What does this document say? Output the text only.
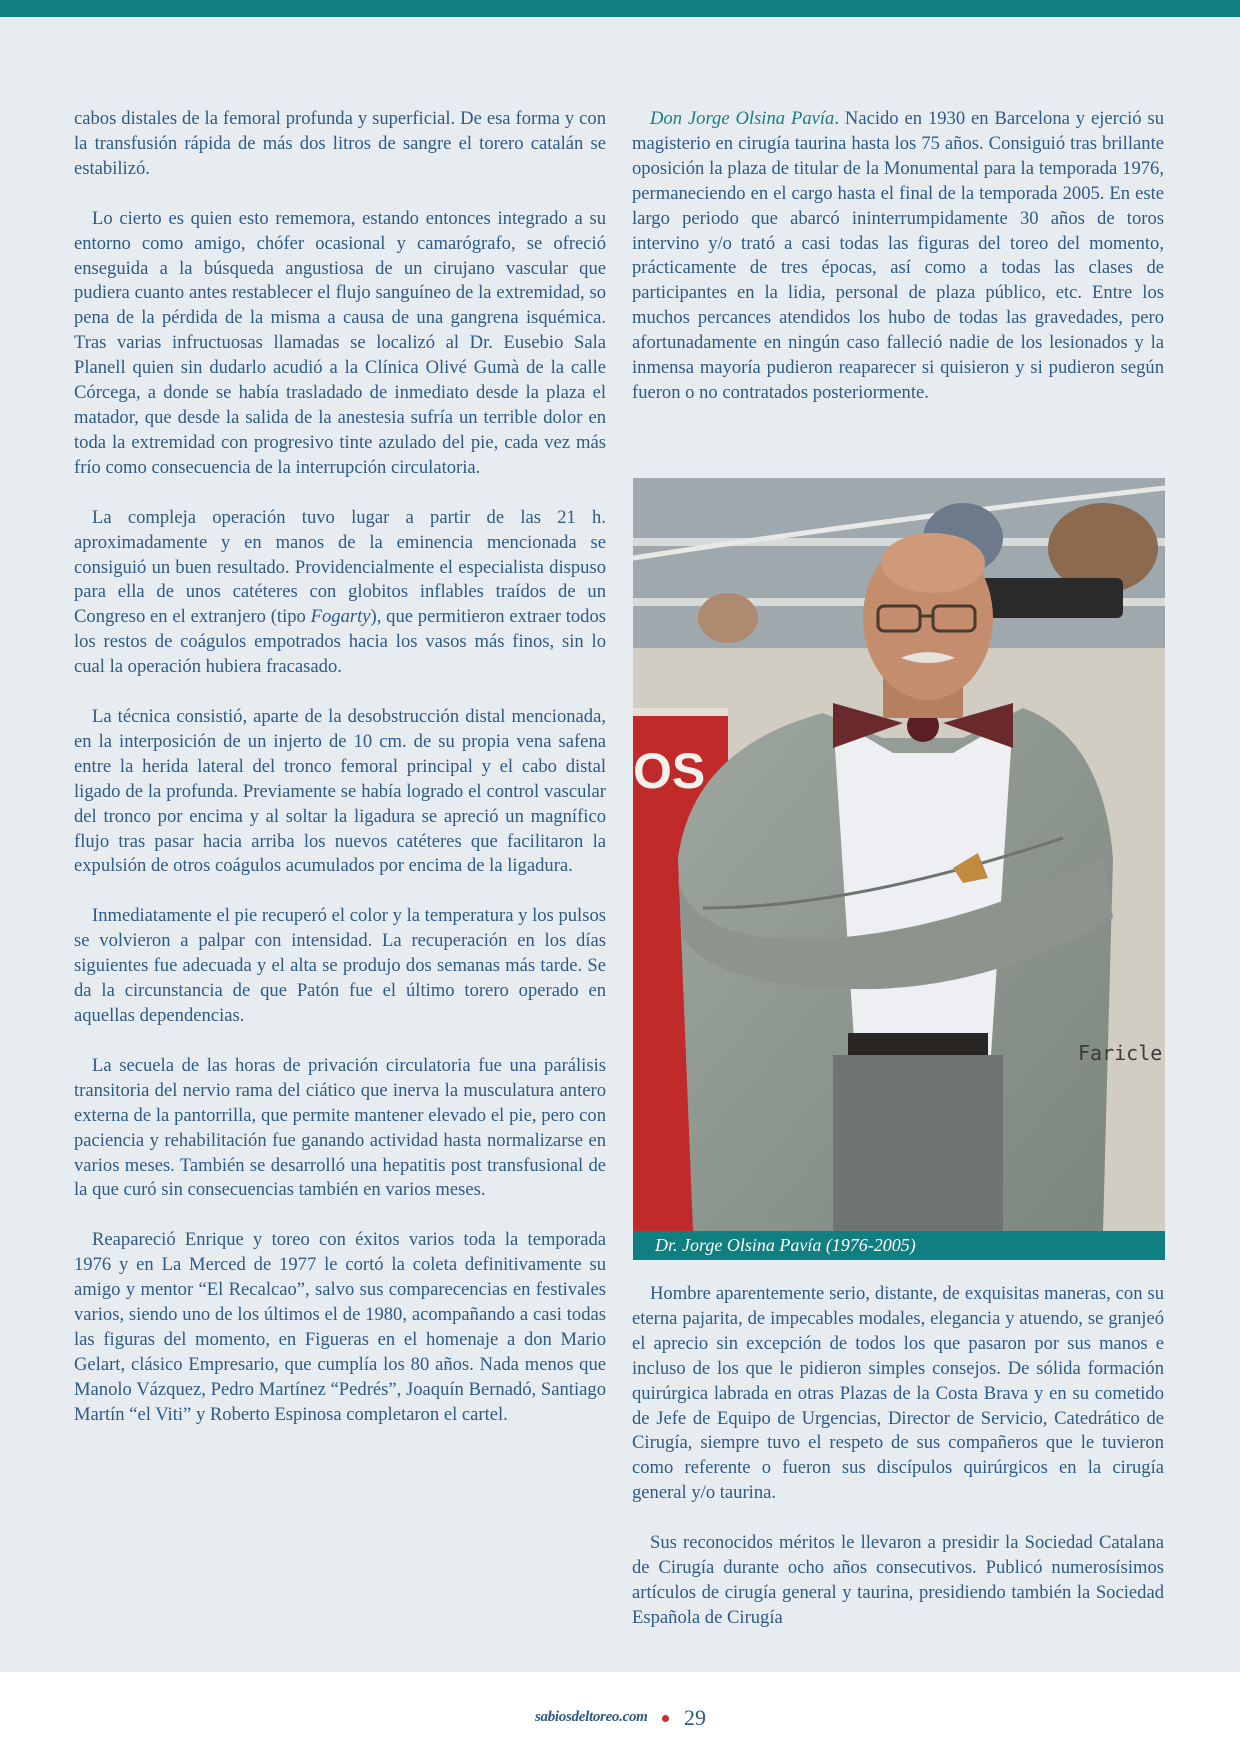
cabos distales de la femoral profunda y superficial. De esa forma y con la transfusión rápida de más dos litros de sangre el torero catalán se estabilizó.

Lo cierto es quien esto rememora, estando entonces integrado a su entorno como amigo, chófer ocasional y camarógrafo, se ofreció enseguida a la búsqueda angustiosa de un cirujano vascular que pudiera cuanto antes restablecer el flujo sanguíneo de la extremidad, so pena de la pérdida de la misma a causa de una gangrena isquémica. Tras varias infructuosas llamadas se localizó al Dr. Eusebio Sala Planell quien sin dudarlo acudió a la Clínica Olivé Gumà de la calle Córcega, a donde se había trasladado de inmediato desde la plaza el matador, que desde la salida de la anestesia sufría un terrible dolor en toda la extremidad con progresivo tinte azulado del pie, cada vez más frío como consecuencia de la interrupción circulatoria.

La compleja operación tuvo lugar a partir de las 21 h. aproximadamente y en manos de la eminencia mencionada se consiguió un buen resultado. Providencialmente el especialista dispuso para ella de unos catéteres con globitos inflables traídos de un Congreso en el extranjero (tipo Fogarty), que permitieron extraer todos los restos de coágulos empotrados hacia los vasos más finos, sin lo cual la operación hubiera fracasado.

La técnica consistió, aparte de la desobstrucción distal mencionada, en la interposición de un injerto de 10 cm. de su propia vena safena entre la herida lateral del tronco femoral principal y el cabo distal ligado de la profunda. Previamente se había logrado el control vascular del tronco por encima y al soltar la ligadura se apreció un magnífico flujo tras pasar hacia arriba los nuevos catéteres que facilitaron la expulsión de otros coágulos acumulados por encima de la ligadura.

Inmediatamente el pie recuperó el color y la temperatura y los pulsos se volvieron a palpar con intensidad. La recuperación en los días siguientes fue adecuada y el alta se produjo dos semanas más tarde. Se da la circunstancia de que Patón fue el último torero operado en aquellas dependencias.

La secuela de las horas de privación circulatoria fue una parálisis transitoria del nervio rama del ciático que inerva la musculatura antero externa de la pantorrilla, que permite mantener elevado el pie, pero con paciencia y rehabilitación fue ganando actividad hasta normalizarse en varios meses. También se desarrolló una hepatitis post transfusional de la que curó sin consecuencias también en varios meses.

Reapareció Enrique y toreo con éxitos varios toda la temporada 1976 y en La Merced de 1977 le cortó la coleta definitivamente su amigo y mentor “El Recalcao”, salvo sus comparecencias en festivales varios, siendo uno de los últimos el de 1980, acompañando a casi todas las figuras del momento, en Figueras en el homenaje a don Mario Gelart, clásico Empresario, que cumplía los 80 años. Nada menos que Manolo Vázquez, Pedro Martínez “Pedrés”, Joaquín Bernadó, Santiago Martín “el Viti” y Roberto Espinosa completaron el cartel.

Don Jorge Olsina Pavía. Nacido en 1930 en Barcelona y ejerció su magisterio en cirugía taurina hasta los 75 años. Consiguió tras brillante oposición la plaza de titular de la Monumental para la temporada 1976, permaneciendo en el cargo hasta el final de la temporada 2005. En este largo periodo que abarcó ininterrumpidamente 30 años de toros intervino y/o trató a casi todas las figuras del toreo del momento, prácticamente de tres épocas, así como a todas las clases de participantes en la lidia, personal de plaza público, etc. Entre los muchos percances atendidos los hubo de todas las gravedades, pero afortunadamente en ningún caso falleció nadie de los lesionados y la inmensa mayoría pudieron reaparecer si quisieron y si pudieron según fueron o no contratados posteriormente.

OS
Faricle
Dr. Jorge Olsina Pavía (1976-2005)

Hombre aparentemente serio, distante, de exquisitas maneras, con su eterna pajarita, de impecables modales, elegancia y atuendo, se granjeó el aprecio sin excepción de todos los que pasaron por sus manos e incluso de los que le pidieron simples consejos. De sólida formación quirúrgica labrada en otras Plazas de la Costa Brava y en su cometido de Jefe de Equipo de Urgencias, Director de Servicio, Catedrático de Cirugía, siempre tuvo el respeto de sus compañeros que le tuvieron como referente o fueron sus discípulos quirúrgicos en la cirugía general y/o taurina.

Sus reconocidos méritos le llevaron a presidir la Sociedad Catalana de Cirugía durante ocho años consecutivos. Publicó numerosísimos artículos de cirugía general y taurina, presidiendo también la Sociedad Española de Cirugía

sabiosdeltoreo.com 29
